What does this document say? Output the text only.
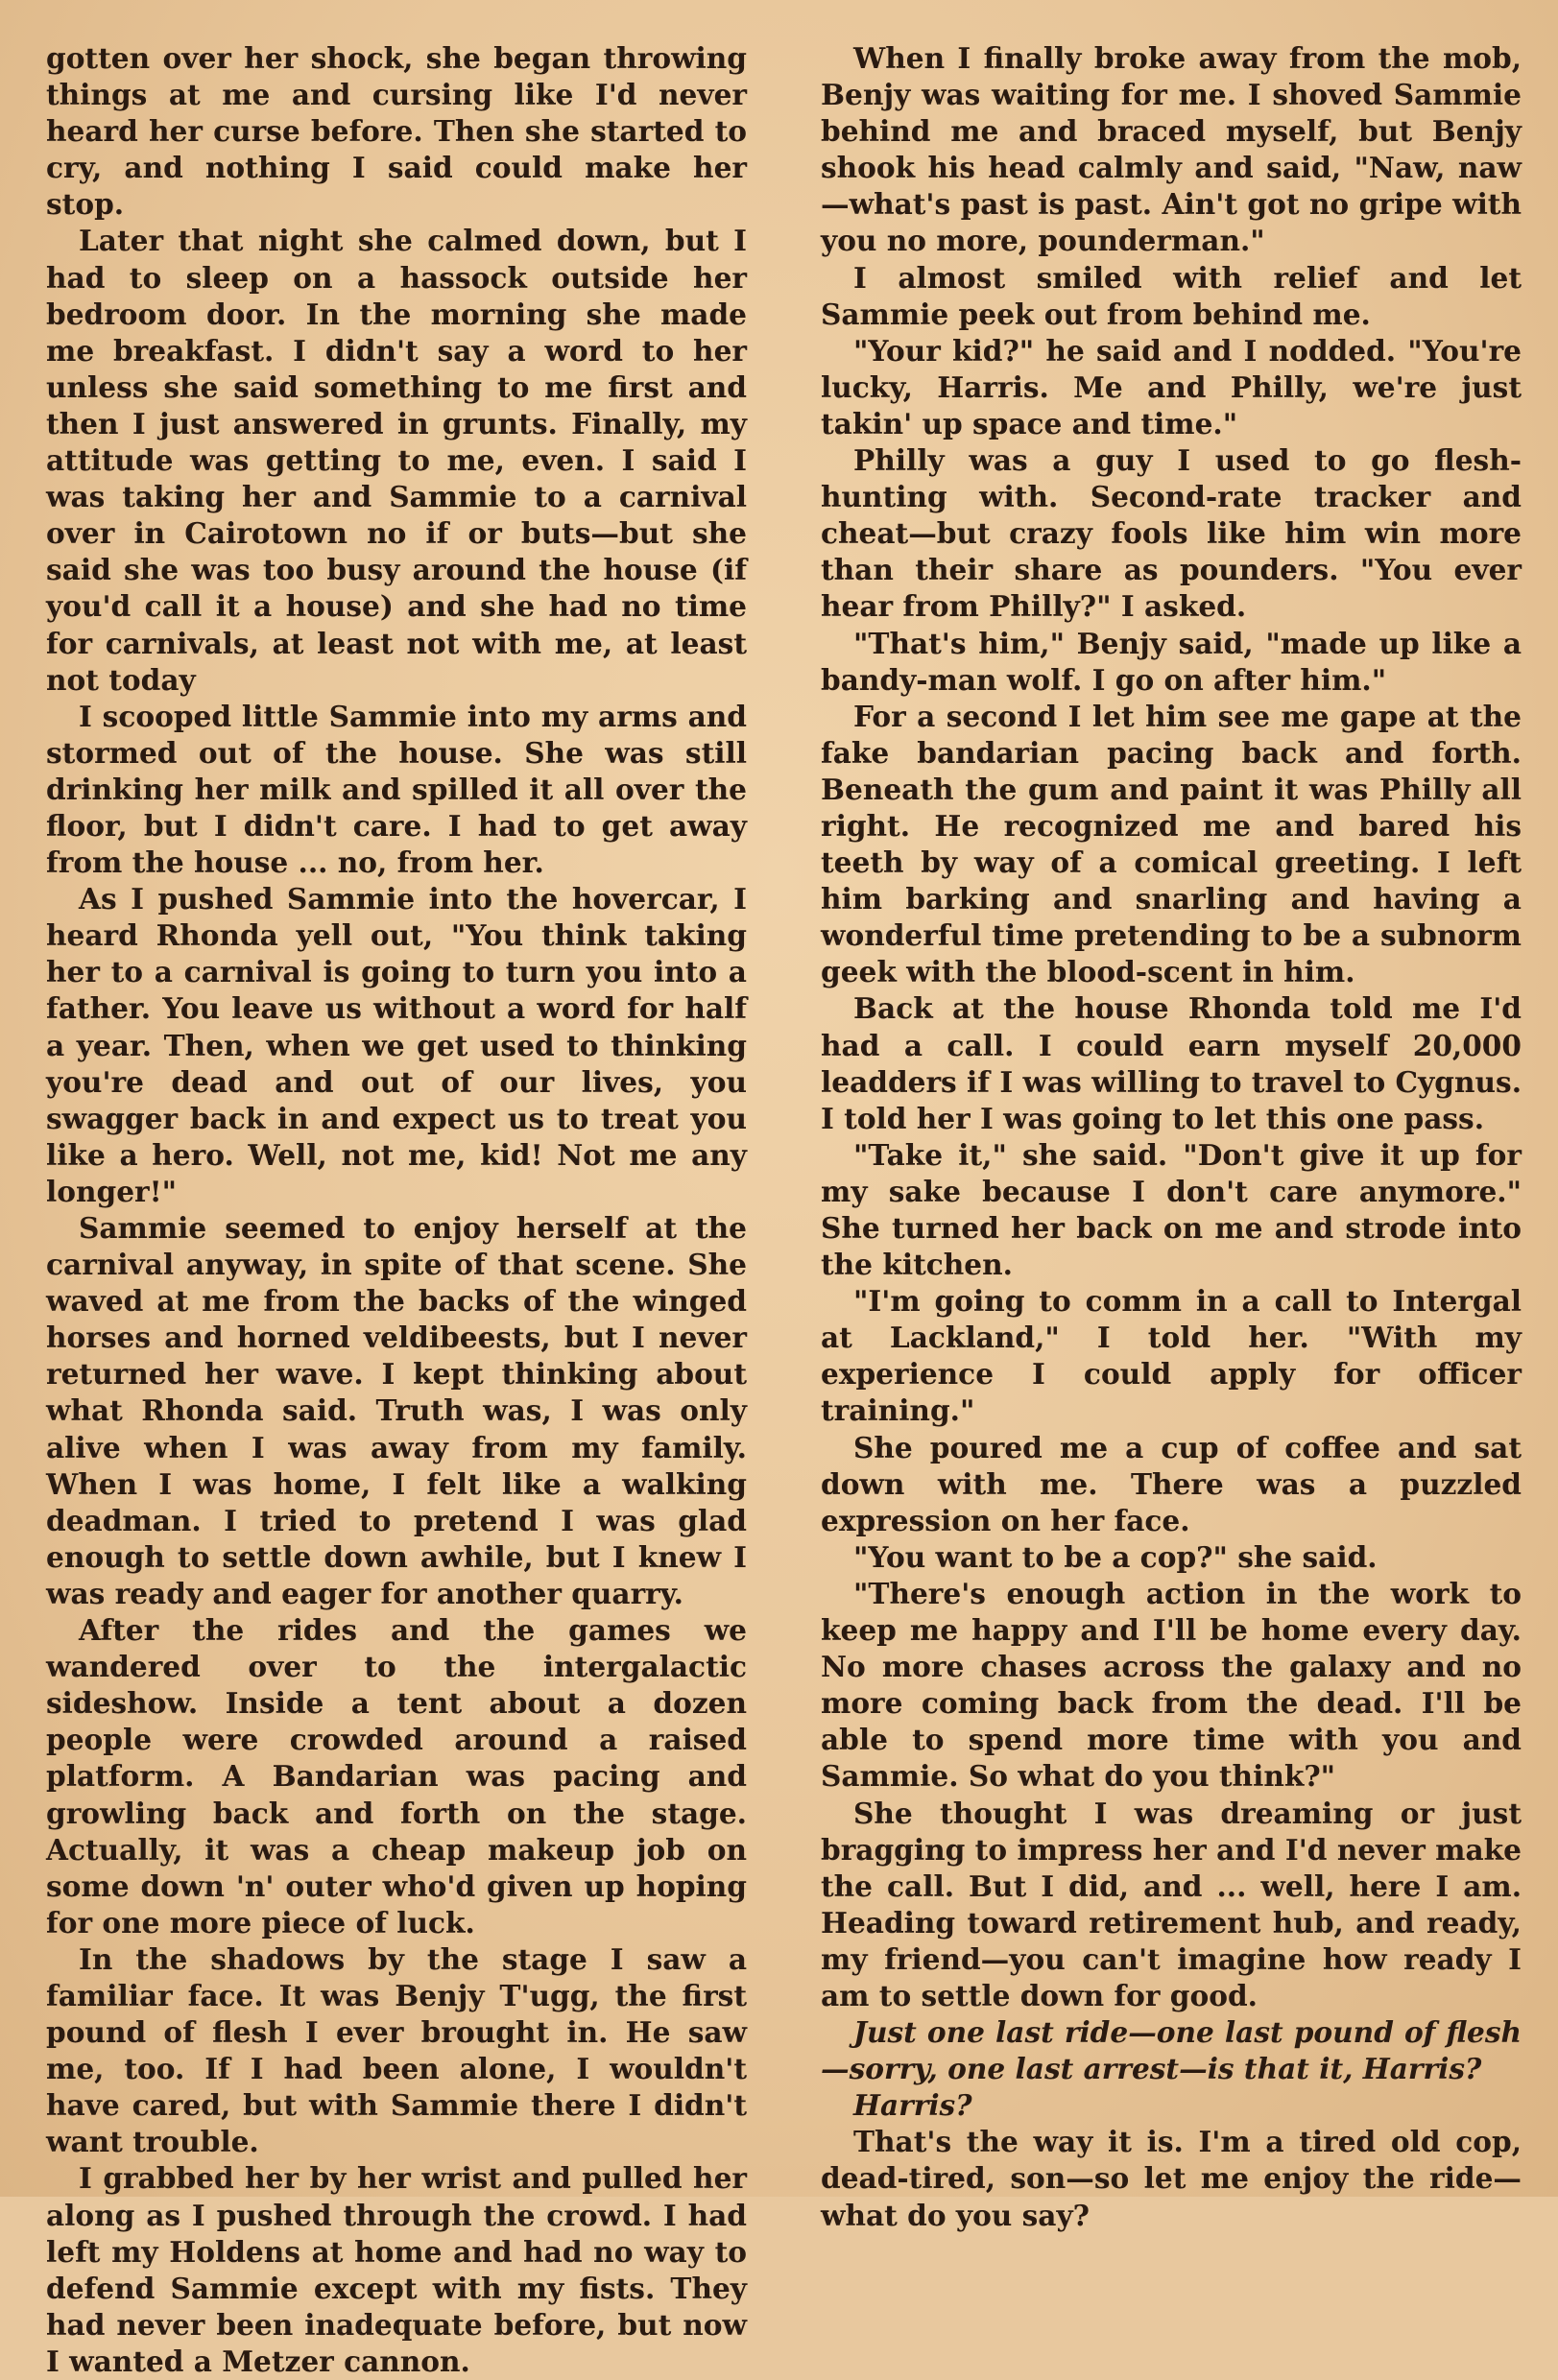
gotten over her shock, she began throwing things at me and cursing like I'd never heard her curse before. Then she started to cry, and nothing I said could make her stop.

Later that night she calmed down, but I had to sleep on a hassock outside her bedroom door. In the morning she made me breakfast. I didn't say a word to her unless she said something to me first and then I just answered in grunts. Finally, my attitude was getting to me, even. I said I was taking her and Sammie to a carnival over in Cairotown no if or buts—but she said she was too busy around the house (if you'd call it a house) and she had no time for carnivals, at least not with me, at least not today

I scooped little Sammie into my arms and stormed out of the house. She was still drinking her milk and spilled it all over the floor, but I didn't care. I had to get away from the house ... no, from her.

As I pushed Sammie into the hovercar, I heard Rhonda yell out, "You think taking her to a carnival is going to turn you into a father. You leave us without a word for half a year. Then, when we get used to thinking you're dead and out of our lives, you swagger back in and expect us to treat you like a hero. Well, not me, kid! Not me any longer!"

Sammie seemed to enjoy herself at the carnival anyway, in spite of that scene. She waved at me from the backs of the winged horses and horned veldibeests, but I never returned her wave. I kept thinking about what Rhonda said. Truth was, I was only alive when I was away from my family. When I was home, I felt like a walking deadman. I tried to pretend I was glad enough to settle down awhile, but I knew I was ready and eager for another quarry.

After the rides and the games we wandered over to the intergalactic sideshow. Inside a tent about a dozen people were crowded around a raised platform. A Bandarian was pacing and growling back and forth on the stage. Actually, it was a cheap makeup job on some down 'n' outer who'd given up hoping for one more piece of luck.

In the shadows by the stage I saw a familiar face. It was Benjy T'ugg, the first pound of flesh I ever brought in. He saw me, too. If I had been alone, I wouldn't have cared, but with Sammie there I didn't want trouble.

I grabbed her by her wrist and pulled her along as I pushed through the crowd. I had left my Holdens at home and had no way to defend Sammie except with my fists. They had never been inadequate before, but now I wanted a Metzer cannon.

When I finally broke away from the mob, Benjy was waiting for me. I shoved Sammie behind me and braced myself, but Benjy shook his head calmly and said, "Naw, naw—what's past is past. Ain't got no gripe with you no more, pounderman."

I almost smiled with relief and let Sammie peek out from behind me.

"Your kid?" he said and I nodded. "You're lucky, Harris. Me and Philly, we're just takin' up space and time."

Philly was a guy I used to go flesh-hunting with. Second-rate tracker and cheat—but crazy fools like him win more than their share as pounders. "You ever hear from Philly?" I asked.

"That's him," Benjy said, "made up like a bandy-man wolf. I go on after him."

For a second I let him see me gape at the fake bandarian pacing back and forth. Beneath the gum and paint it was Philly all right. He recognized me and bared his teeth by way of a comical greeting. I left him barking and snarling and having a wonderful time pretending to be a subnorm geek with the blood-scent in him.

Back at the house Rhonda told me I'd had a call. I could earn myself 20,000 leadders if I was willing to travel to Cygnus. I told her I was going to let this one pass.

"Take it," she said. "Don't give it up for my sake because I don't care anymore." She turned her back on me and strode into the kitchen.

"I'm going to comm in a call to Intergal at Lackland," I told her. "With my experience I could apply for officer training."

She poured me a cup of coffee and sat down with me. There was a puzzled expression on her face.

"You want to be a cop?" she said.

"There's enough action in the work to keep me happy and I'll be home every day. No more chases across the galaxy and no more coming back from the dead. I'll be able to spend more time with you and Sammie. So what do you think?"

She thought I was dreaming or just bragging to impress her and I'd never make the call. But I did, and ... well, here I am. Heading toward retirement hub, and ready, my friend—you can't imagine how ready I am to settle down for good.

Just one last ride—one last pound of flesh—sorry, one last arrest—is that it, Harris?

Harris?

That's the way it is. I'm a tired old cop, dead-tired, son—so let me enjoy the ride—what do you say?
